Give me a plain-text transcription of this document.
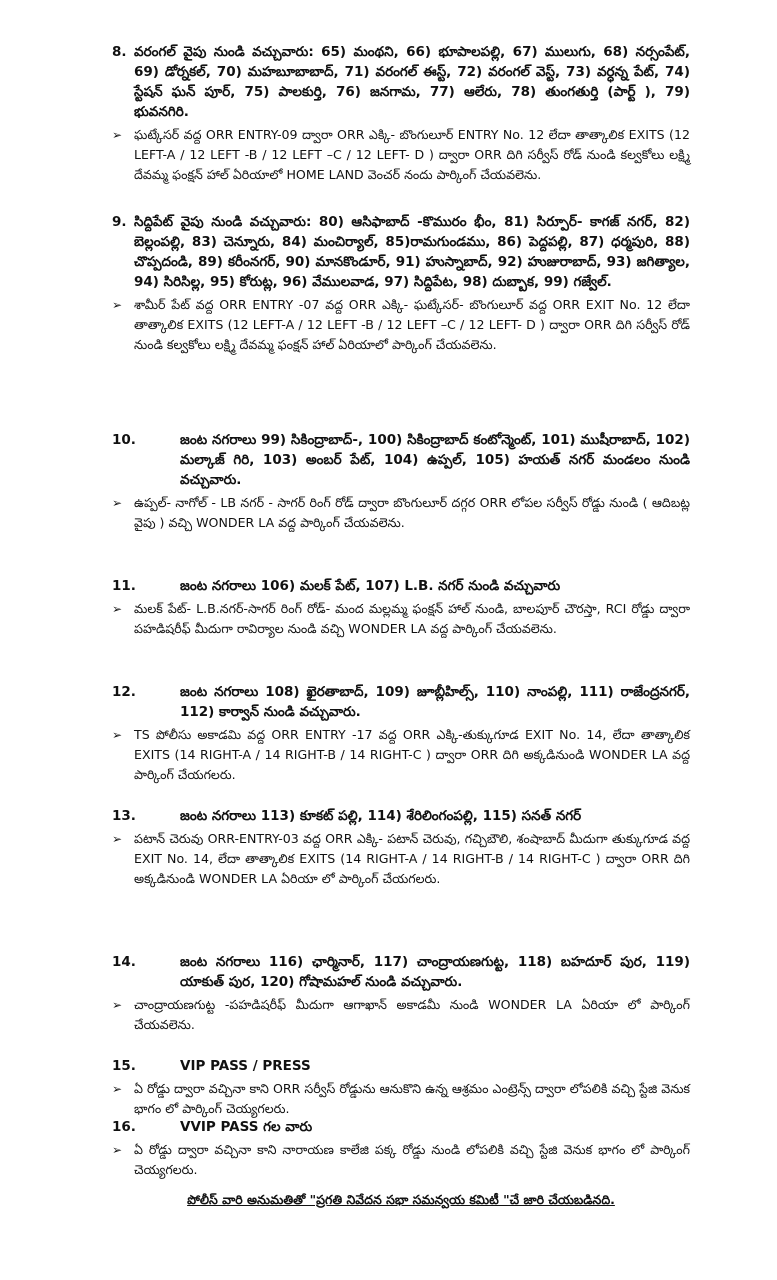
8. వరంగల్ వైపు నుండి వచ్చువారు: 65) మంథని, 66) భూపాలపల్లి, 67) ములుగు, 68) నర్సంపేట్, 69) డోర్నకల్, 70) మహబూబాబాద్, 71) వరంగల్ ఈస్ట్, 72) వరంగల్ వెస్ట్, 73) వర్ధన్న పేట్, 74) స్టేషన్ ఘన్ పూర్, 75) పాలకుర్తి, 76) జనగామ, 77) ఆలేరు, 78) తుంగతుర్తి (పార్ట్ ), 79) భువనగిరి.
➢ ఘట్కేసర్ వద్ద ORR ENTRY-09 ద్వారా ORR ఎక్కి- బొంగులూర్ ENTRY No. 12 లేదా తాత్కాలిక EXITS (12 LEFT-A / 12 LEFT -B / 12 LEFT –C / 12 LEFT- D ) ద్వారా ORR దిగి సర్వీస్ రోడ్ నుండి కల్వకోలు లక్ష్మి దేవమ్మ ఫంక్షన్ హాల్ ఏరియాలో HOME LAND వెంచర్ నందు పార్కింగ్ చేయవలెను.
9. సిద్దిపేట్ వైపు నుండి వచ్చువారు: 80) ఆసిఫాబాద్ -కొమురం భీం, 81) సిర్పూర్- కాగజ్ నగర్, 82) బెల్లంపల్లి, 83) చెన్నూరు, 84) మంచిర్యాల్, 85)రామగుండము, 86) పెద్దపల్లి, 87) ధర్మపురి, 88) చొప్పదండి, 89) కరీంనగర్, 90) మానకొండూర్, 91) హుస్నాబాద్, 92) హుజురాబాద్, 93) జగిత్యాల, 94) సిరిసిల్ల, 95) కోరుట్ల, 96) వేములవాడ, 97) సిద్దిపేట, 98) దుబ్బాక, 99) గజ్వేల్.
➢ శామీర్ పేట్ వద్ద ORR ENTRY -07 వద్ద ORR ఎక్కి- ఘట్కేసర్- బొంగులూర్ వద్ద ORR EXIT No. 12 లేదా తాత్కాలిక EXITS (12 LEFT-A / 12 LEFT -B / 12 LEFT –C / 12 LEFT- D ) ద్వారా ORR దిగి సర్వీస్ రోడ్ నుండి కల్వకోలు లక్ష్మి దేవమ్మ ఫంక్షన్ హాల్ ఏరియాలో పార్కింగ్ చేయవలెను.
10.	జంట నగరాలు 99) సికింద్రాబాద్-, 100) సికింద్రాబాద్ కంటోన్మెంట్, 101) ముషీరాబాద్, 102) మల్కాజ్ గిరి, 103) అంబర్ పేట్, 104) ఉప్పల్, 105) హయత్ నగర్ మండలం నుండి వచ్చువారు.
➢ ఉప్పల్- నాగోల్ - LB నగర్ - సాగర్ రింగ్ రోడ్ ద్వారా బొంగులూర్ దగ్గర ORR లోపల సర్వీస్ రోడ్డు నుండి ( ఆదిబట్ల వైపు ) వచ్చి WONDER LA వద్ద పార్కింగ్ చేయవలెను.
11.	జంట నగరాలు 106) మలక్ పేట్, 107) L.B. నగర్ నుండి వచ్చువారు
➢ మలక్ పేట్- L.B.నగర్-సాగర్ రింగ్ రోడ్- మంద మల్లమ్మ ఫంక్షన్ హాల్ నుండి, బాలపూర్ చౌరస్తా, RCI రోడ్డు ద్వారా పహడిషరీఫ్ మీదుగా రావిర్యాల నుండి వచ్చి WONDER LA వద్ద పార్కింగ్ చేయవలెను.
12.	జంట నగరాలు 108) ఖైరతాబాద్, 109) జూబ్లీహిల్స్, 110) నాంపల్లి, 111) రాజేంద్రనగర్, 112) కార్వాన్ నుండి వచ్చువారు.
➢ TS పోలీసు అకాడమి వద్ద ORR ENTRY -17 వద్ద ORR ఎక్కి-తుక్కుగూడ EXIT No. 14, లేదా తాత్కాలిక EXITS (14 RIGHT-A / 14 RIGHT-B / 14 RIGHT-C ) ద్వారా ORR దిగి అక్కడినుండి WONDER LA వద్ద పార్కింగ్ చేయగలరు.
13.	జంట నగరాలు 113) కూకట్ పల్లి, 114) శేరిలింగంపల్లి, 115) సనత్ నగర్
➢ పటాన్ చెరువు ORR-ENTRY-03 వద్ద ORR ఎక్కి- పటాన్ చెరువు, గచ్చిబౌలి, శంషాబాద్ మీదుగా తుక్కుగూడ వద్ద EXIT No. 14, లేదా తాత్కాలిక EXITS (14 RIGHT-A / 14 RIGHT-B / 14 RIGHT-C ) ద్వారా ORR దిగి అక్కడినుండి WONDER LA ఏరియా లో పార్కింగ్ చేయగలరు.
14.	జంట నగరాలు 116) ఛార్మినార్, 117) చాంద్రాయణగుట్ట, 118) బహదూర్ పుర, 119) యాకుత్ పుర, 120) గోషామహల్ నుండి వచ్చువారు.
➢ చాంద్రాయణగుట్ట -పహడిషరీఫ్ మీదుగా ఆగాఖాన్ అకాడమీ నుండి WONDER LA ఏరియా లో పార్కింగ్ చేయవలెను.
15.	VIP PASS / PRESS
➢ ఏ రోడ్డు ద్వారా వచ్చినా కాని ORR సర్వీస్ రోడ్డును ఆనుకొని ఉన్న ఆశ్రమం ఎంట్రెన్స్ ద్వారా లోపలికి వచ్చి స్టేజి వెనుక భాగం లో పార్కింగ్ చెయ్యగలరు.
16.	VVIP PASS గల వారు
➢ ఏ రోడ్డు ద్వారా వచ్చినా కాని నారాయణ కాలేజి పక్క రోడ్డు నుండి లోపలికి వచ్చి స్టేజి వెనుక భాగం లో పార్కింగ్ చెయ్యగలరు.
పోలీస్ వారి అనుమతితో "ప్రగతి నివేదన సభా సమన్వయ కమిటీ "చే జారి చేయబడినది.
